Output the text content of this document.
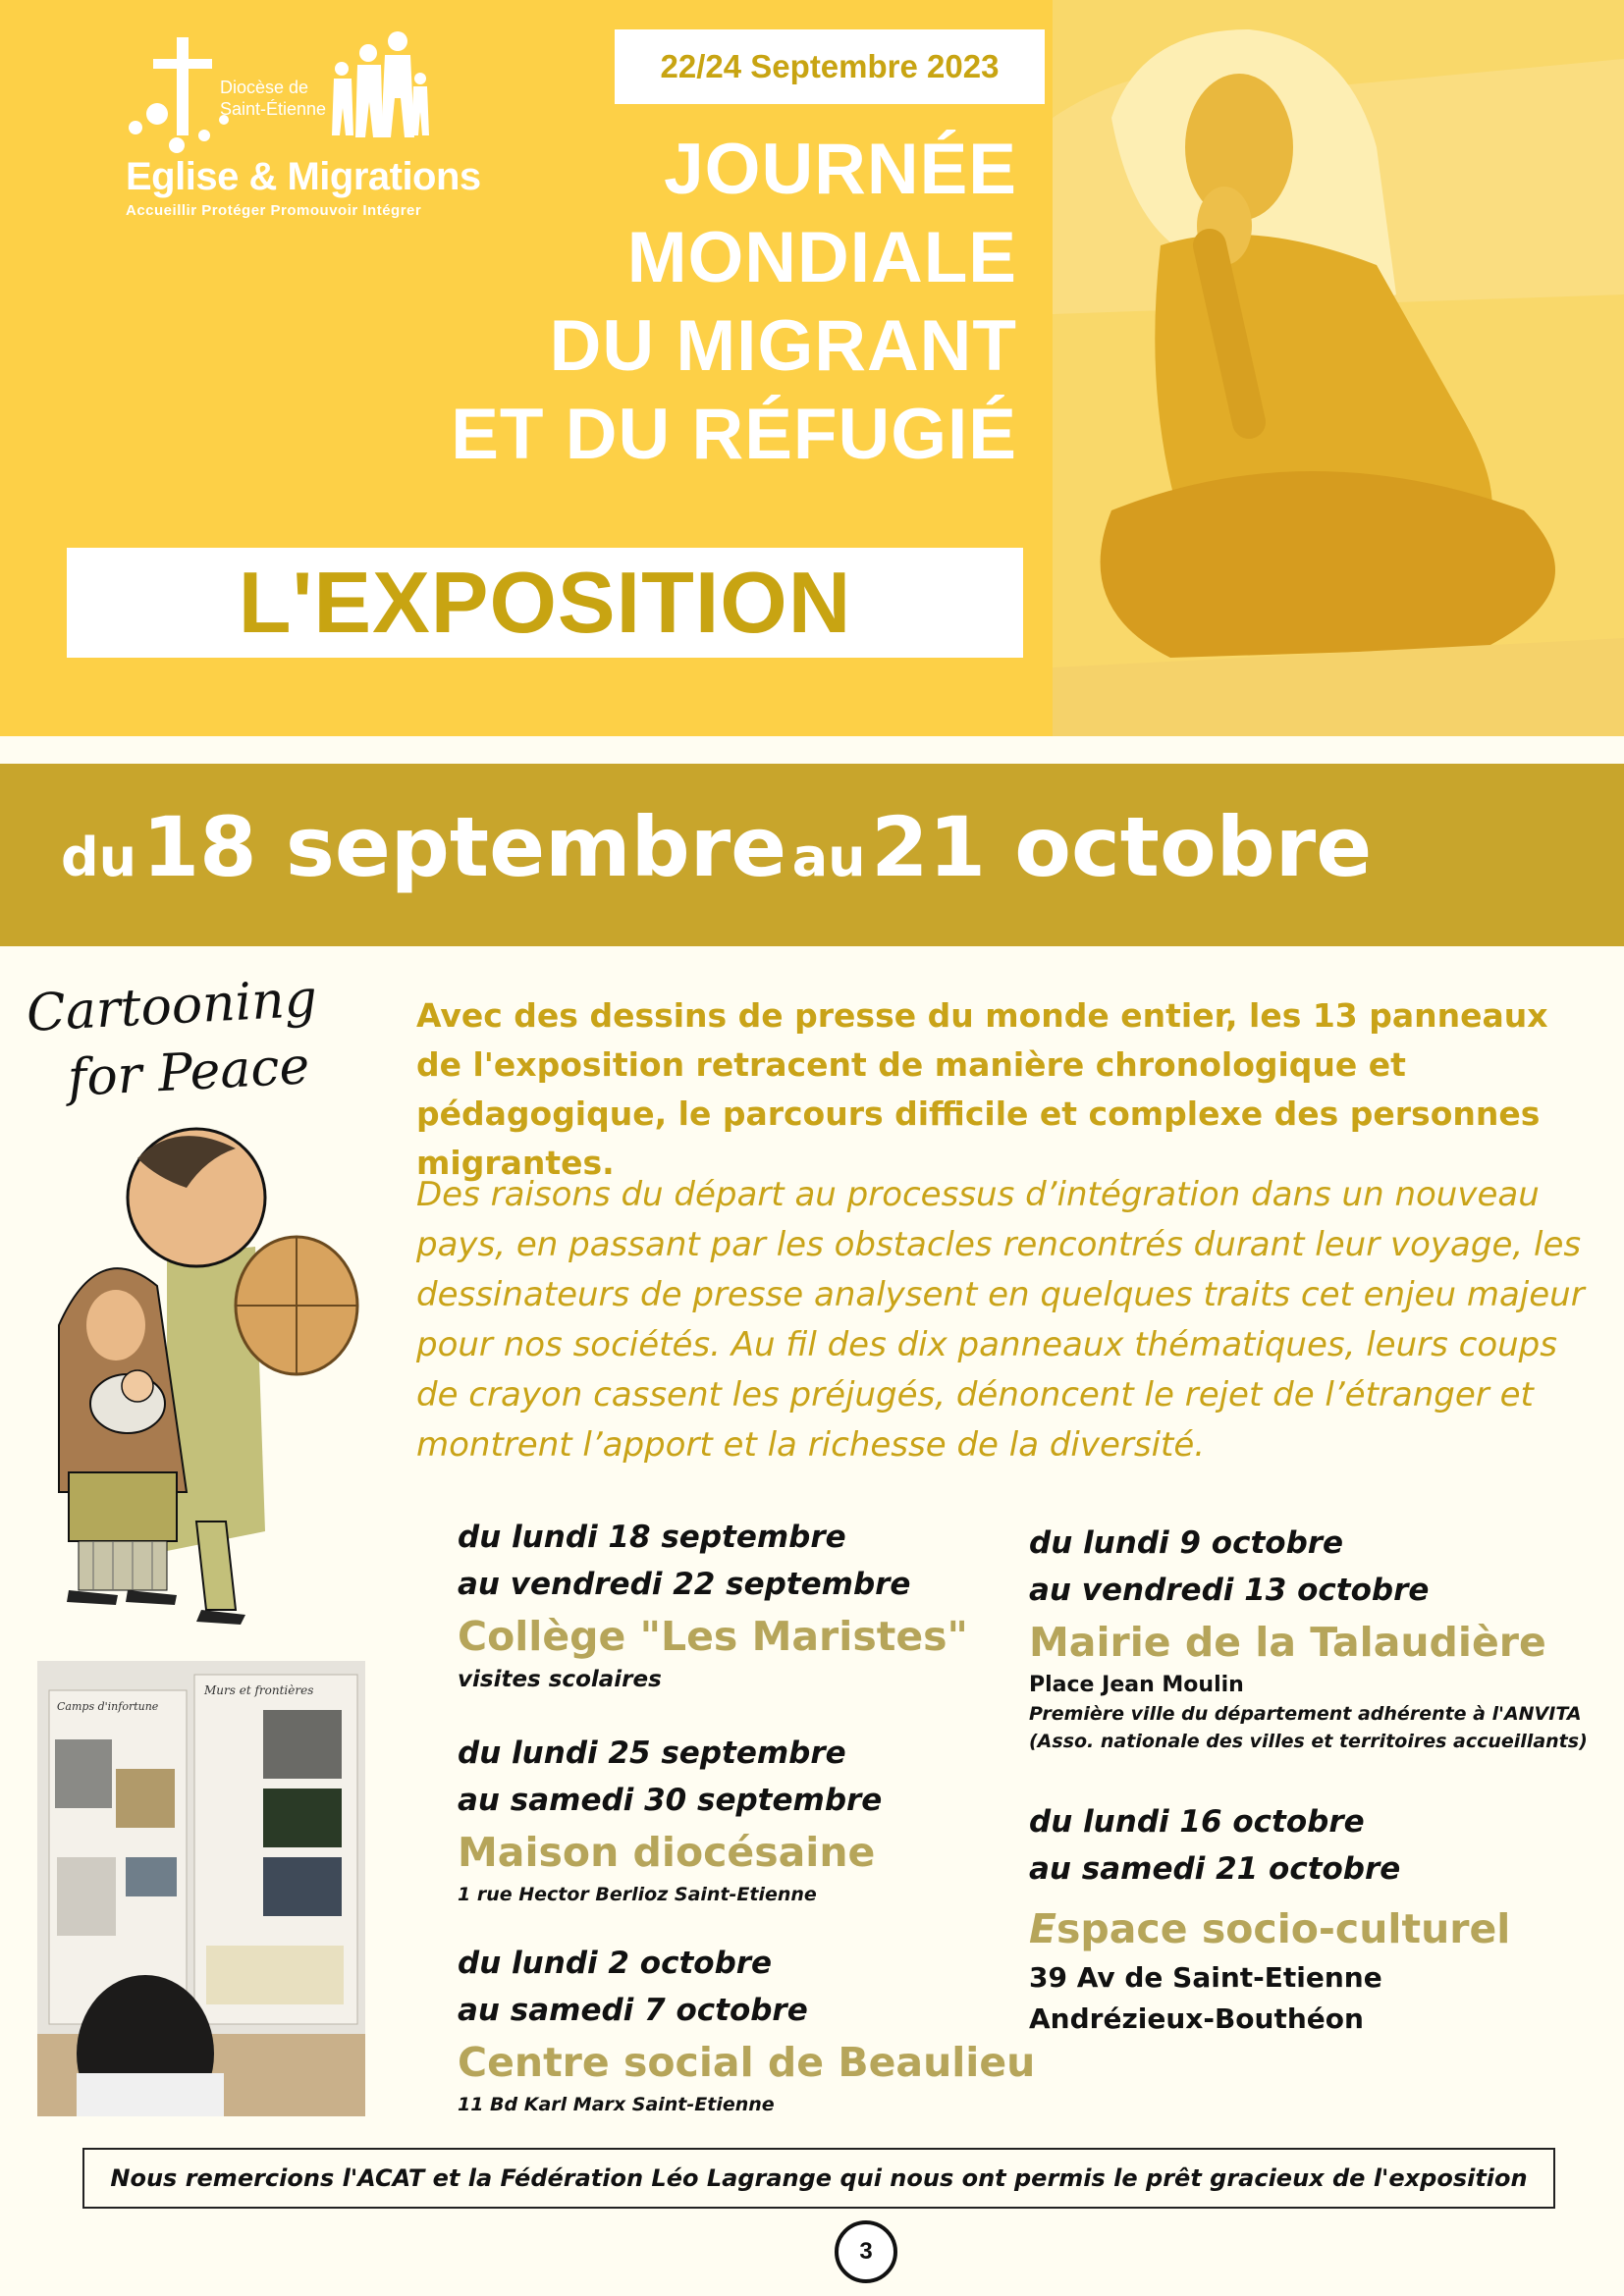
Diocèse de
Saint-Étienne
Eglise & Migrations
Accueillir Protéger Promouvoir Intégrer
22/24 Septembre 2023
JOURNÉE
MONDIALE
DU MIGRANT
ET DU RÉFUGIÉ
L'EXPOSITION
du 18 septembre au 21 octobre
Cartooning
for Peace
Camps d'infortune
Murs et frontières
Avec des dessins de presse du monde entier, les 13 panneaux de l'exposition retracent de manière chronologique et pédagogique, le parcours difficile et complexe des personnes migrantes.
Des raisons du départ au processus d’intégration dans un nouveau pays, en passant par les obstacles rencontrés durant leur voyage, les dessinateurs de presse analysent en quelques traits cet enjeu majeur pour nos sociétés. Au fil des dix panneaux thématiques, leurs coups de crayon cassent les préjugés, dénoncent le rejet de l’étranger et montrent l’apport et la richesse de la diversité.
du lundi 18 septembre
au vendredi 22 septembre
Collège "Les Maristes"
visites scolaires
du lundi 25 septembre
au samedi 30 septembre
Maison diocésaine
1 rue Hector Berlioz Saint-Etienne
du lundi 2 octobre
au samedi 7 octobre
Centre social de Beaulieu
11 Bd Karl Marx Saint-Etienne
du lundi 9 octobre
au vendredi 13 octobre
Mairie de la Talaudière
Place Jean Moulin
Première ville du département adhérente à l'ANVITA
(Asso. nationale des villes et territoires accueillants)
du lundi 16 octobre
au samedi 21 octobre
Espace socio-culturel
39 Av de Saint-Etienne
Andrézieux-Bouthéon
Nous remercions l'ACAT et la Fédération Léo Lagrange qui nous ont permis le prêt gracieux de l'exposition
3
